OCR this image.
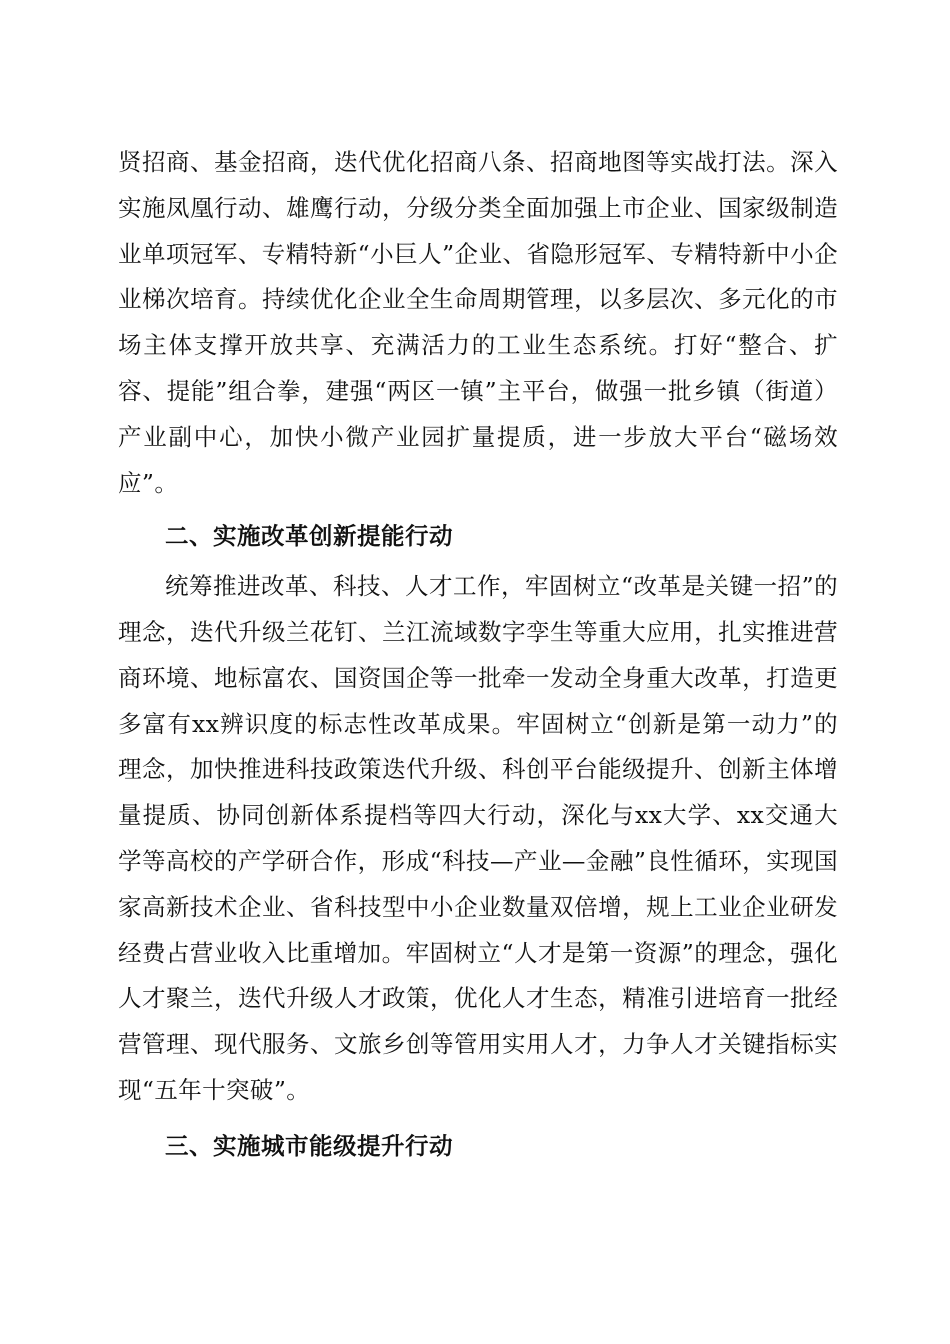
贤招商、基金招商，迭代优化招商八条、招商地图等实战打法。深入实施凤凰行动、雄鹰行动，分级分类全面加强上市企业、国家级制造业单项冠军、专精特新“小巨人”企业、省隐形冠军、专精特新中小企业梯次培育。持续优化企业全生命周期管理，以多层次、多元化的市场主体支撑开放共享、充满活力的工业生态系统。打好“整合、扩容、提能”组合拳，建强“两区一镇”主平台，做强一批乡镇（街道）产业副中心，加快小微产业园扩量提质，进一步放大平台“磁场效应”。

二、实施改革创新提能行动

统筹推进改革、科技、人才工作，牢固树立“改革是关键一招”的理念，迭代升级兰花钉、兰江流域数字孪生等重大应用，扎实推进营商环境、地标富农、国资国企等一批牵一发动全身重大改革，打造更多富有xx辨识度的标志性改革成果。牢固树立“创新是第一动力”的理念，加快推进科技政策迭代升级、科创平台能级提升、创新主体增量提质、协同创新体系提档等四大行动，深化与xx大学、xx交通大学等高校的产学研合作，形成“科技—产业—金融”良性循环，实现国家高新技术企业、省科技型中小企业数量双倍增，规上工业企业研发经费占营业收入比重增加。牢固树立“人才是第一资源”的理念，强化人才聚兰，迭代升级人才政策，优化人才生态，精准引进培育一批经营管理、现代服务、文旅乡创等管用实用人才，力争人才关键指标实现“五年十突破”。

三、实施城市能级提升行动
